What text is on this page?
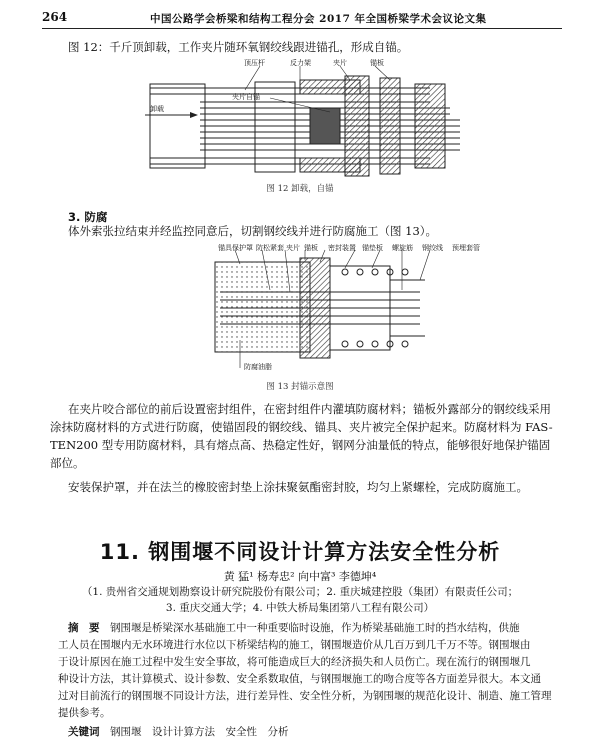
264	中国公路学会桥梁和结构工程分会 2017 年全国桥梁学术会议论文集
图 12：千斤顶卸载，工作夹片随环氧钢绞线跟进锚孔，形成自锚。
顶压杆	反力架	夹片	锚板
卸载
夹片自锚
图 12 卸载，自锚
3. 防腐
体外索张拉结束并经监控同意后，切割钢绞线并进行防腐施工（图 13）。
锚具保护罩 防松紧套 夹片 锚板 密封装置 锚垫板 螺旋筋 钢绞线 预埋套管
防腐油脂
图 13 封锚示意图
在夹片咬合部位的前后设置密封组件，在密封组件内灌填防腐材料；锚板外露部分的钢绞线采用
涂抹防腐材料的方式进行防腐，使锚固段的钢绞线、锚具、夹片被完全保护起来。防腐材料为 FAS-
TEN200 型专用防腐材料，具有熔点高、热稳定性好，钢网分油量低的特点，能够很好地保护锚固
部位。
安装保护罩，并在法兰的橡胶密封垫上涂抹聚氨酯密封胶，均匀上紧螺栓，完成防腐施工。
11. 钢围堰不同设计计算方法安全性分析
黄 猛¹ 杨寿忠² 向中富³ 李德坤⁴
（1. 贵州省交通规划勘察设计研究院股份有限公司；2. 重庆城建控股（集团）有限责任公司；
3. 重庆交通大学；4. 中铁大桥局集团第八工程有限公司）
摘　要　 钢围堰是桥梁深水基础施工中一种重要临时设施，作为桥梁基础施工时的挡水结构，供施
工人员在围堰内无水环境进行水位以下桥梁结构的施工，钢围堰造价从几百万到几千万不等。钢围堰由
于设计原因在施工过程中发生安全事故，将可能造成巨大的经济损失和人员伤亡。现在流行的钢围堰几
种设计方法，其计算模式、设计参数、安全系数取值，与钢围堰施工的吻合度等各方面差异很大。本文通
过对目前流行的钢围堰不同设计方法，进行差异性、安全性分析，为钢围堰的规范化设计、制造、施工管理
提供参考。
关键词　 钢围堰　设计计算方法　安全性　分析
